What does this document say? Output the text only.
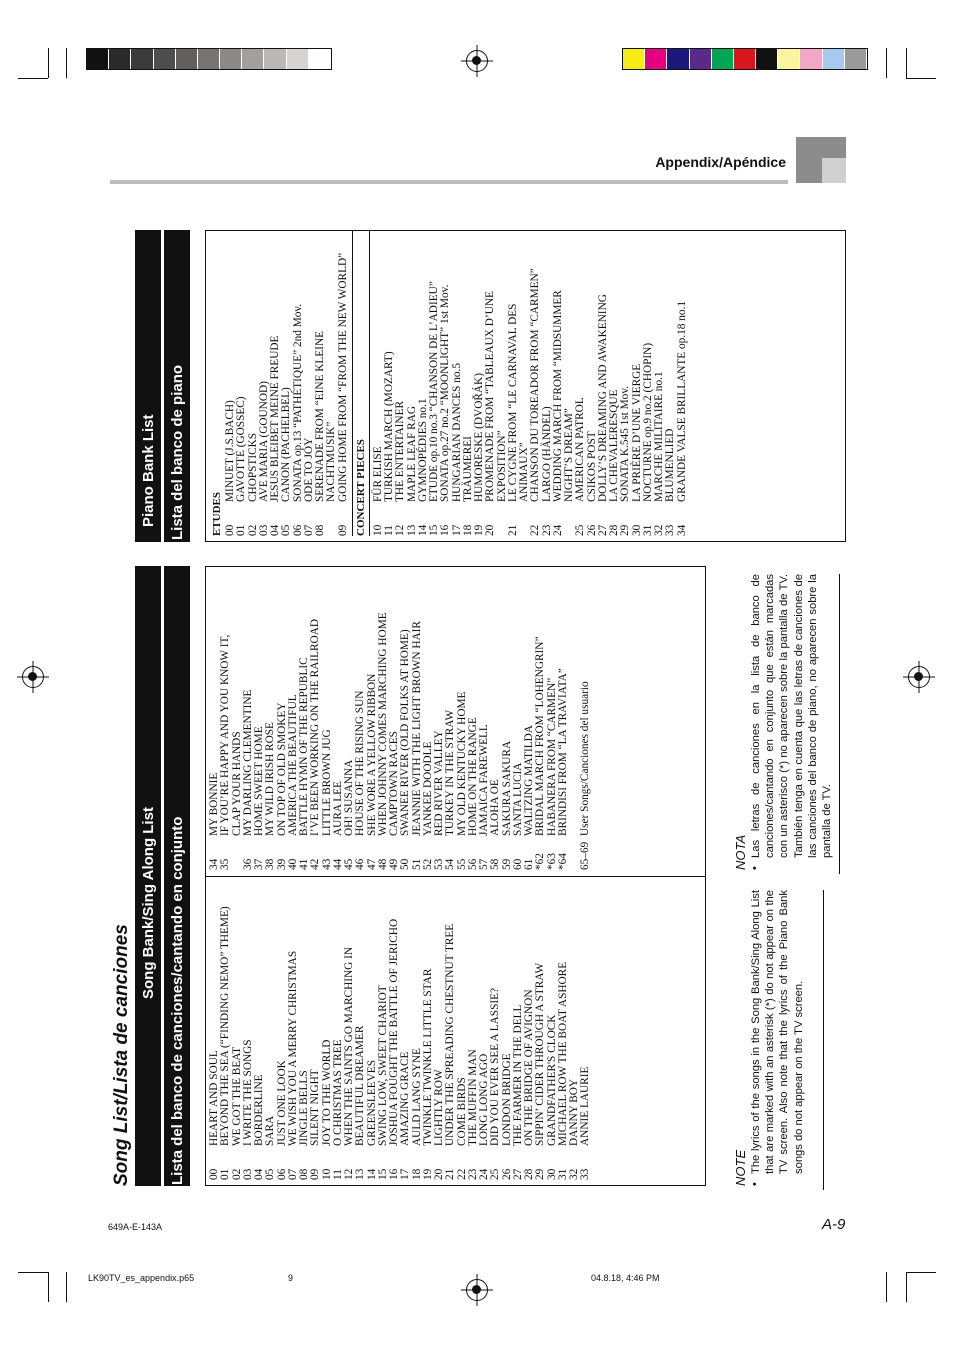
Appendix/Apéndice
Song List/Lista de canciones
Song Bank/Sing Along List Lista del banco de canciones/cantando en conjunto 00
HEART AND SOUL
01
BEYOND THE SEA (“FINDING NEMO” THEME)
02
WE GOT THE BEAT
03
I WRITE THE SONGS
04
BORDERLINE
05
SARA
06
JUST ONE LOOK
07
WE WISH YOU A MERRY CHRISTMAS
08
JINGLE BELLS
09
SILENT NIGHT
10
JOY TO THE WORLD
11
O CHRISTMAS TREE
12
WHEN THE SAINTS GO MARCHING IN
13
BEAUTIFUL DREAMER
14
GREENSLEEVES
15
SWING LOW, SWEET CHARIOT
16
JOSHUA FOUGHT THE BATTLE OF JERICHO
17
AMAZING GRACE
18
AULD LANG SYNE
19
TWINKLE TWINKLE LITTLE STAR
20
LIGHTLY ROW
21
UNDER THE SPREADING CHESTNUT TREE
22
COME BIRDS
23
THE MUFFIN MAN
24
LONG LONG AGO
25
DID YOU EVER SEE A LASSIE?
26
LONDON BRIDGE
27
THE FARMER IN THE DELL
28
ON THE BRIDGE OF AVIGNON
29
SIPPIN’ CIDER THROUGH A STRAW
30
GRANDFATHER'S CLOCK
31
MICHAEL ROW THE BOAT ASHORE
32
DANNY BOY
33
ANNIE LAURIE
34
MY BONNIE
35
IF YOU’RE HAPPY AND YOU KNOW IT, CLAP YOUR HANDS
36
MY DARLING CLEMENTINE
37
HOME SWEET HOME
38
MY WILD IRISH ROSE
39
ON TOP OF OLD SMOKEY
40
AMERICA THE BEAUTIFUL
41
BATTLE HYMN OF THE REPUBLIC
42
I’VE BEEN WORKING ON THE RAILROAD
43
LITTLE BROWN JUG
44
AURA LEE
45
OH! SUSANNA
46
HOUSE OF THE RISING SUN
47
SHE WORE A YELLOW RIBBON
48
WHEN JOHNNY COMES MARCHING HOME
49
CAMPTOWN RACES
50
SWANEE RIVER (OLD FOLKS AT HOME)
51
JEANNIE WITH THE LIGHT BROWN HAIR
52
YANKEE DOODLE
53
RED RIVER VALLEY
54
TURKEY IN THE STRAW
55
MY OLD KENTUCKY HOME
56
HOME ON THE RANGE
57
JAMAICA FAREWELL
58
ALOHA OE
59
SAKURA SAKURA
60
SANTA LUCIA
61
WALTZING MATILDA
*62
BRIDAL MARCH FROM “LOHENGRIN”
*63
HABANERA FROM “CARMEN”
*64
BRINDISI FROM “LA TRAVIATA”
65–69
User Songs/Canciones del usuario
Piano Bank List Lista del banco de piano ETUDES 00
MINUET (J.S.BACH)
01
GAVOTTE (GOSSEC)
02
CHOPSTICKS
03
AVE MARIA (GOUNOD)
04
JESUS BLEIBET MEINE FREUDE
05
CANON (PACHELBEL)
06
SONATA op.13 “PATHÉTIQUE” 2nd Mov.
07
ODE TO JOY
08
SERENADE FROM “EINE KLEINE NACHTMUSIK”
09
GOING HOME FROM “FROM THE NEW WORLD” CONCERT PIECES 10
FÜR ELISE
11
TURKISH MARCH (MOZART)
12
THE ENTERTAINER
13
MAPLE LEAF RAG
14
GYMNOPÉDIES no.1
15
ETUDE op.10 no.3 “CHANSON DE L’ADIEU”
16
SONATA op.27 no.2 “MOONLIGHT” 1st Mov.
17
HUNGARIAN DANCES no.5
18
TRÄUMEREI
19
HUMORESKE (DVOŘÁK)
20
PROMENADE FROM “TABLEAUX D’UNE EXPOSITION”
21
LE CYGNE FROM “LE CARNAVAL DES ANIMAUX”
22
CHANSON DU TOREADOR FROM “CARMEN”
23
LARGO (HÄNDEL)
24
WEDDING MARCH FROM “MIDSUMMER NIGHT’S DREAM”
25
AMERICAN PATROL
26
CSIKOS POST
27
DOLLY’S DREAMING AND AWAKENING
28
LA CHEVALERESQUE
29
SONATA K.545 1st Mov.
30
LA PRIÈRE D’UNE VIERGE
31
NOCTURNE op.9 no.2 (CHOPIN)
32
MARCHE MILITAIRE no.1
33
BLUMENLIED
34
GRANDE VALSE BRILLANTE op.18 no.1
NOTE •
The lyrics of the songs in the Song Bank/Sing Along List that are marked with an asterisk (*) do not appear on the TV screen. Also note that the lyrics of the Piano Bank songs do not appear on the TV screen.
NOTA •
Las letras de canciones en la lista de banco de canciones/cantando en conjunto que están marcadas con un asterisco (*) no aparecen sobre la pantalla de TV. También tenga en cuenta que las letras de canciones de las canciones del banco de piano, no aparecen sobre la pantalla de TV.
A-9
649A-E-143A
LK90TV_es_appendix.p65	9	04.8.18, 4:46 PM
